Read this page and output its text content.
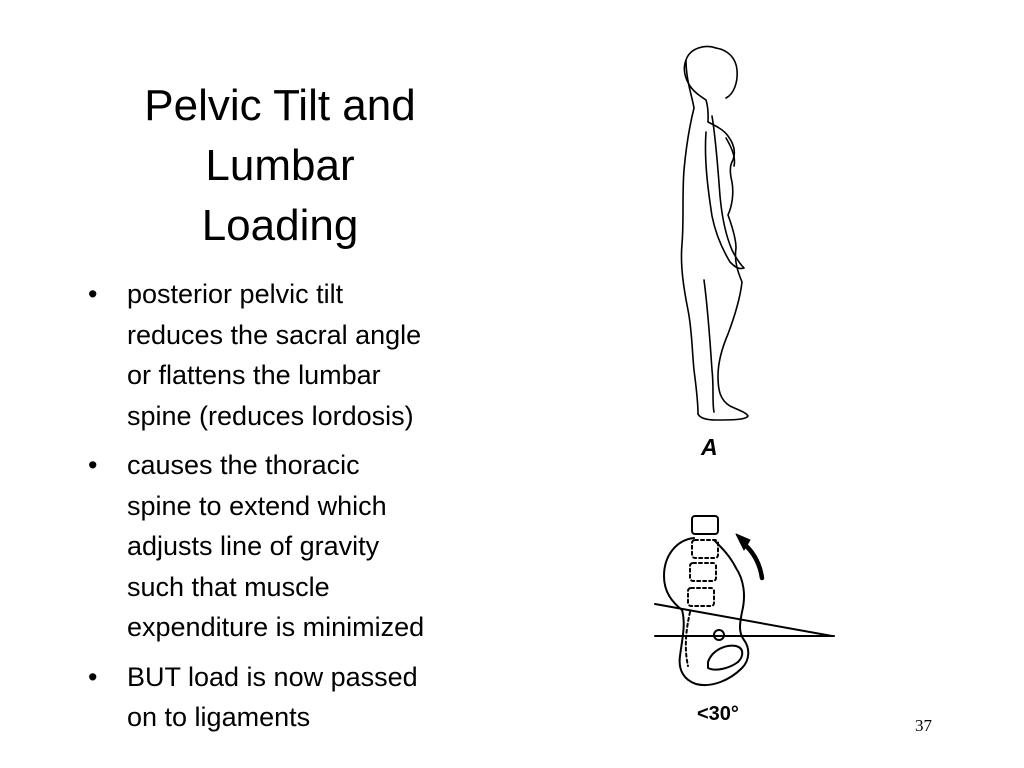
Pelvic Tilt and
Lumbar
Loading
• posterior pelvic tilt
reduces the sacral angle
or flattens the lumbar
spine (reduces lordosis)
• causes the thoracic
spine to extend which
adjusts line of gravity
such that muscle
expenditure is minimized
• BUT load is now passed
on to ligaments
A
<30°
37
